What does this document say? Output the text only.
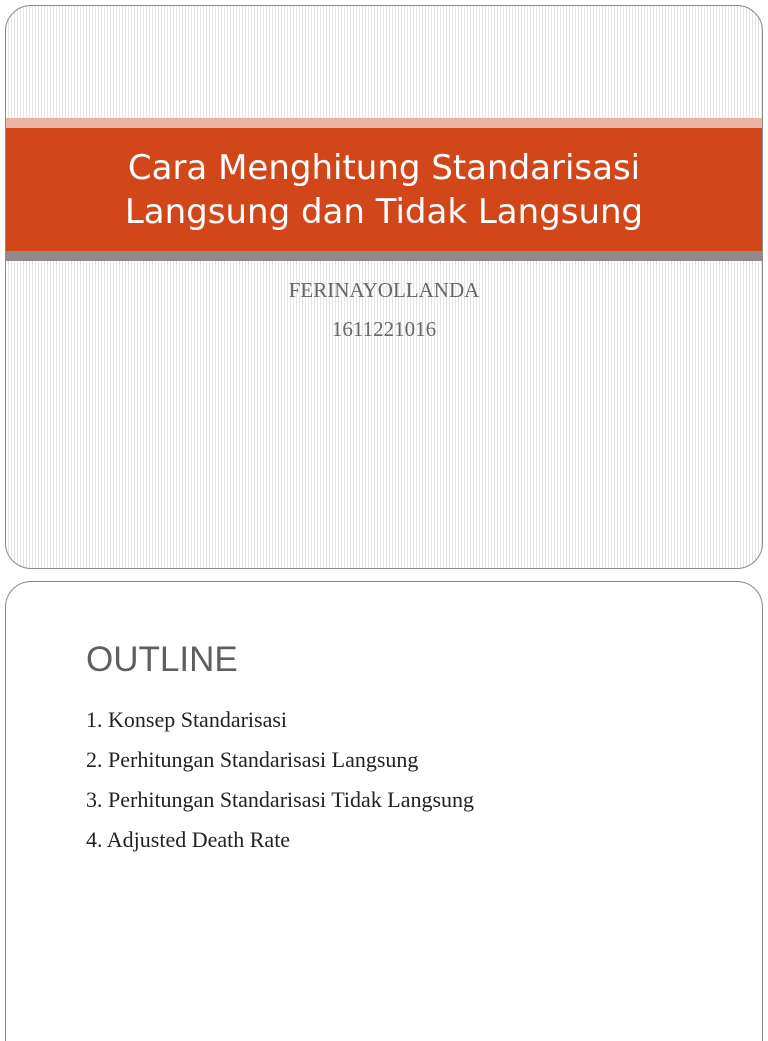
Cara Menghitung Standarisasi
Langsung dan Tidak Langsung
FERINAYOLLANDA
1611221016
OUTLINE
1. Konsep Standarisasi
2. Perhitungan Standarisasi Langsung
3. Perhitungan Standarisasi Tidak Langsung
4. Adjusted Death Rate
